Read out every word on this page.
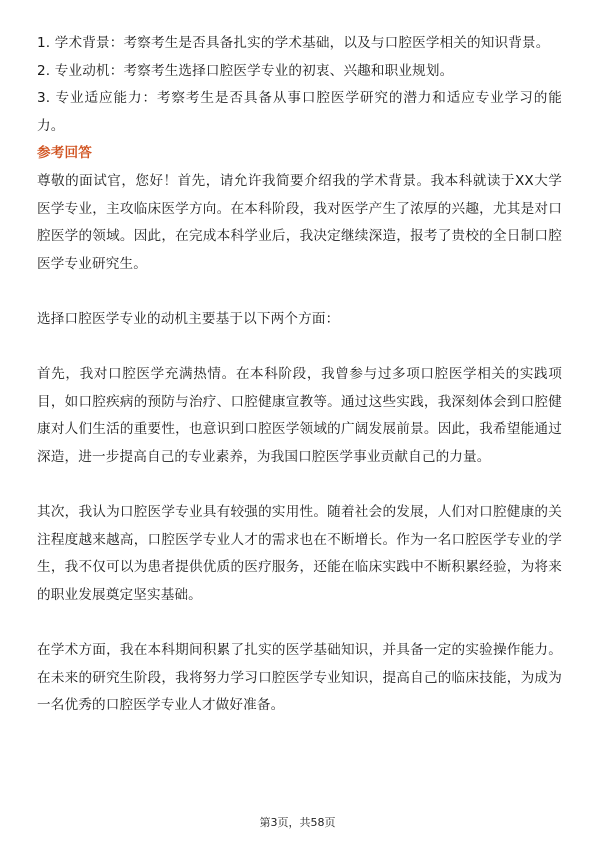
1. 学术背景：考察考生是否具备扎实的学术基础，以及与口腔医学相关的知识背景。

2. 专业动机：考察考生选择口腔医学专业的初衷、兴趣和职业规划。

3. 专业适应能力：考察考生是否具备从事口腔医学研究的潜力和适应专业学习的能力。

参考回答

尊敬的面试官，您好！首先，请允许我简要介绍我的学术背景。我本科就读于XX大学医学专业，主攻临床医学方向。在本科阶段，我对医学产生了浓厚的兴趣，尤其是对口腔医学的领域。因此，在完成本科学业后，我决定继续深造，报考了贵校的全日制口腔医学专业研究生。

选择口腔医学专业的动机主要基于以下两个方面：

首先，我对口腔医学充满热情。在本科阶段，我曾参与过多项口腔医学相关的实践项目，如口腔疾病的预防与治疗、口腔健康宣教等。通过这些实践，我深刻体会到口腔健康对人们生活的重要性，也意识到口腔医学领域的广阔发展前景。因此，我希望能通过深造，进一步提高自己的专业素养，为我国口腔医学事业贡献自己的力量。

其次，我认为口腔医学专业具有较强的实用性。随着社会的发展，人们对口腔健康的关注程度越来越高，口腔医学专业人才的需求也在不断增长。作为一名口腔医学专业的学生，我不仅可以为患者提供优质的医疗服务，还能在临床实践中不断积累经验，为将来的职业发展奠定坚实基础。

在学术方面，我在本科期间积累了扎实的医学基础知识，并具备一定的实验操作能力。在未来的研究生阶段，我将努力学习口腔医学专业知识，提高自己的临床技能，为成为一名优秀的口腔医学专业人才做好准备。

第3页，共58页
